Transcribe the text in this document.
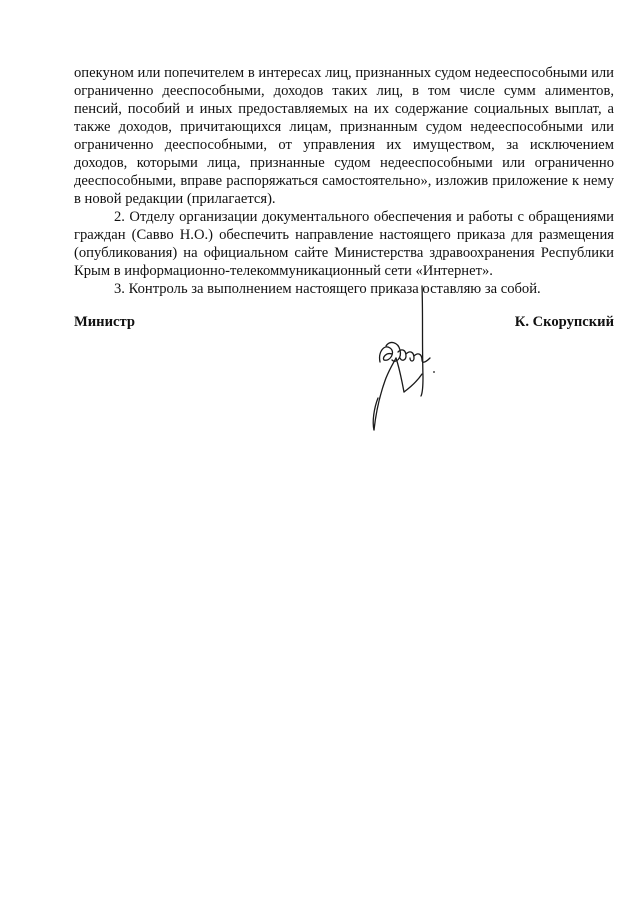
опекуном или попечителем в интересах лиц, признанных судом недееспособными или ограниченно дееспособными, доходов таких лиц, в том числе сумм алиментов, пенсий, пособий и иных предоставляемых на их содержание социальных выплат, а также доходов, причитающихся лицам, признанным судом недееспособными или ограниченно дееспособными, от управления их имуществом, за исключением доходов, которыми лица, признанные судом недееспособными или ограниченно дееспособными, вправе распоряжаться самостоятельно», изложив приложение к нему в новой редакции (прилагается).

2. Отделу организации документального обеспечения и работы с обращениями граждан (Савво Н.О.) обеспечить направление настоящего приказа для размещения (опубликования) на официальном сайте Министерства здравоохранения Республики Крым в информационно-телекоммуникационный сети «Интернет».

3. Контроль за выполнением настоящего приказа оставляю за собой.

Министр	К. Скорупский
